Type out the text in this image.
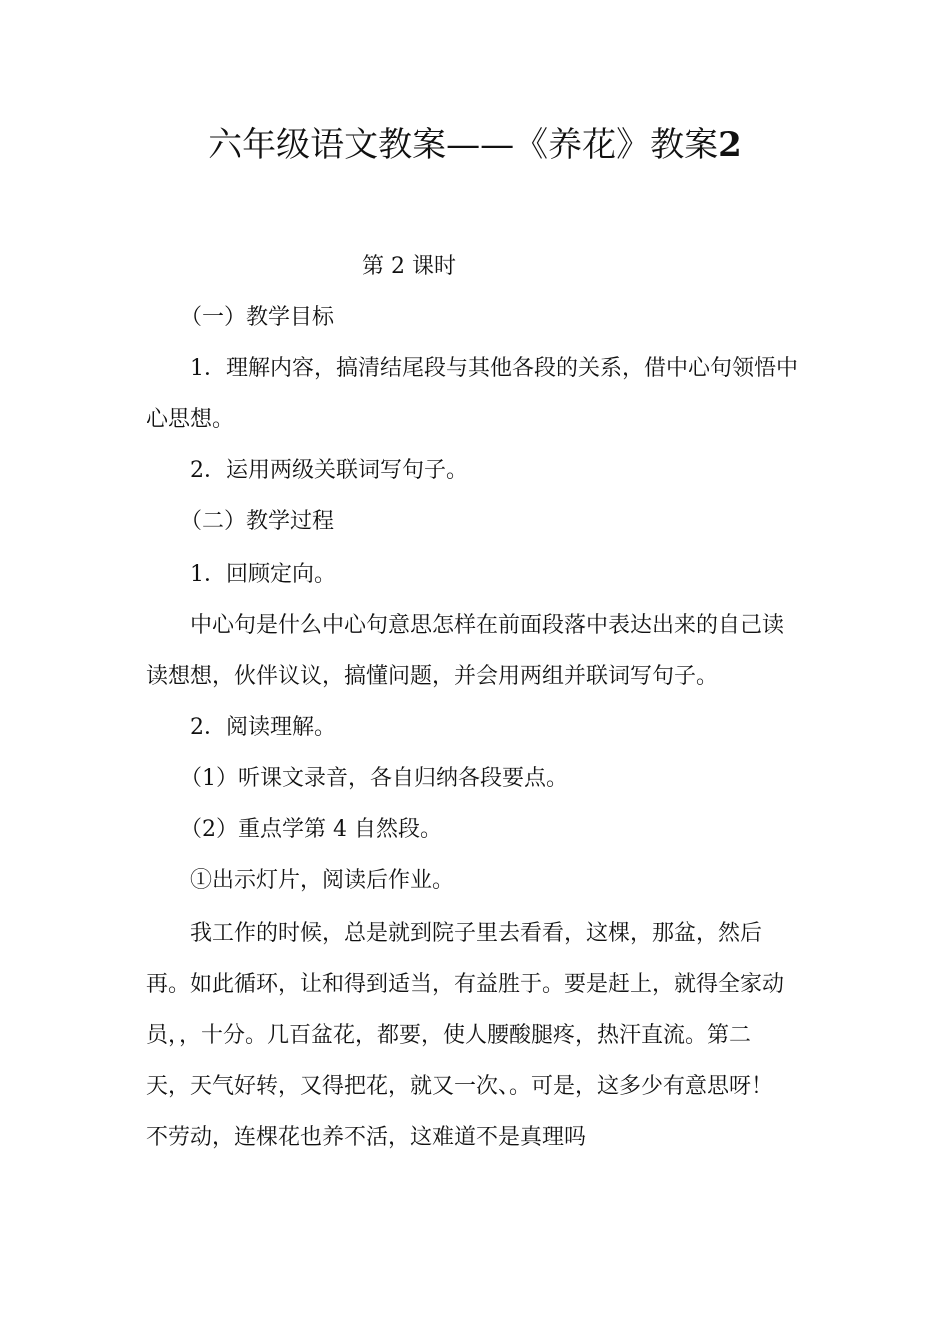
六年级语文教案——《养花》教案2
第 2 课时
（一）教学目标
1．理解内容，搞清结尾段与其他各段的关系，借中心句领悟中
心思想。
2．运用两级关联词写句子。
（二）教学过程
1．回顾定向。
中心句是什么中心句意思怎样在前面段落中表达出来的自己读
读想想，伙伴议议，搞懂问题，并会用两组并联词写句子。
2．阅读理解。
（1）听课文录音，各自归纳各段要点。
（2）重点学第 4 自然段。
①出示灯片，阅读后作业。
我工作的时候，总是就到院子里去看看，这棵，那盆，然后
再。如此循环，让和得到适当，有益胜于。要是赶上，就得全家动
员，，十分。几百盆花，都要，使人腰酸腿疼，热汗直流。第二
天，天气好转，又得把花，就又一次、。可是，这多少有意思呀！
不劳动，连棵花也养不活，这难道不是真理吗
